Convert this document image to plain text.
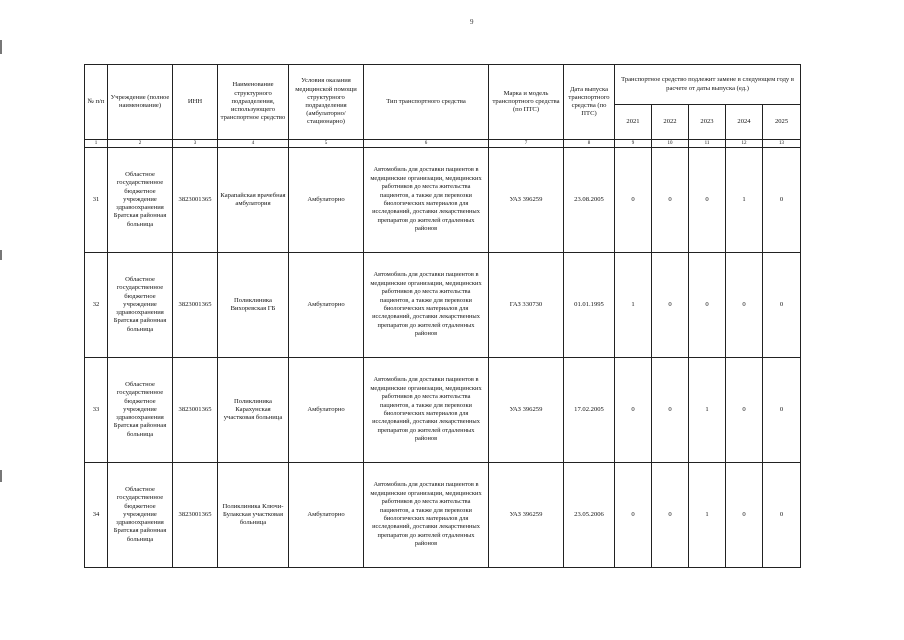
9
№ п/п	Учреждение (полное наименование)	ИНН	Наименование структурного подразделения, использующего транспортное средство	Условия оказания медицинской помощи структурного подразделения (амбулаторно/стационарно)	Тип транспортного средства	Марка и модель транспортного средства (по ПТС)	Дата выпуска транспортного средства (по ПТС)	Транспортное средство подлежит замене в следующем году в расчете от даты выпуска (ед.)				
								2021	2022	2023	2024	2025
1	2	3	4	5	6	7	8	9	10	11	12	13
31	Областное государственное бюджетное учреждение здравоохранения Братская районная больница	3823001365	Карапайская врачебная амбулатория	Амбулаторно	Автомобиль для доставки пациентов в медицинские организации, медицинских работников до места жительства пациентов, а также для перевозки биологических материалов для исследований, доставки лекарственных препаратов до жителей отдаленных районов	УАЗ 396259	23.08.2005	0	0	0	1	0
32	Областное государственное бюджетное учреждение здравоохранения Братская районная больница	3823001365	Поликлиника Вихоревская ГБ	Амбулаторно	Автомобиль для доставки пациентов в медицинские организации, медицинских работников до места жительства пациентов, а также для перевозки биологических материалов для исследований, доставки лекарственных препаратов до жителей отдаленных районов	ГАЗ 330730	01.01.1995	1	0	0	0	0
33	Областное государственное бюджетное учреждение здравоохранения Братская районная больница	3823001365	Поликлиника Карахунская участковая больница	Амбулаторно	Автомобиль для доставки пациентов в медицинские организации, медицинских работников до места жительства пациентов, а также для перевозки биологических материалов для исследований, доставки лекарственных препаратов до жителей отдаленных районов	УАЗ 396259	17.02.2005	0	0	1	0	0
34	Областное государственное бюджетное учреждение здравоохранения Братская районная больница	3823001365	Поликлиника Ключи-Булакская участковая больница	Амбулаторно	Автомобиль для доставки пациентов в медицинские организации, медицинских работников до места жительства пациентов, а также для перевозки биологических материалов для исследований, доставки лекарственных препаратов до жителей отдаленных районов	УАЗ 396259	23.05.2006	0	0	1	0	0
